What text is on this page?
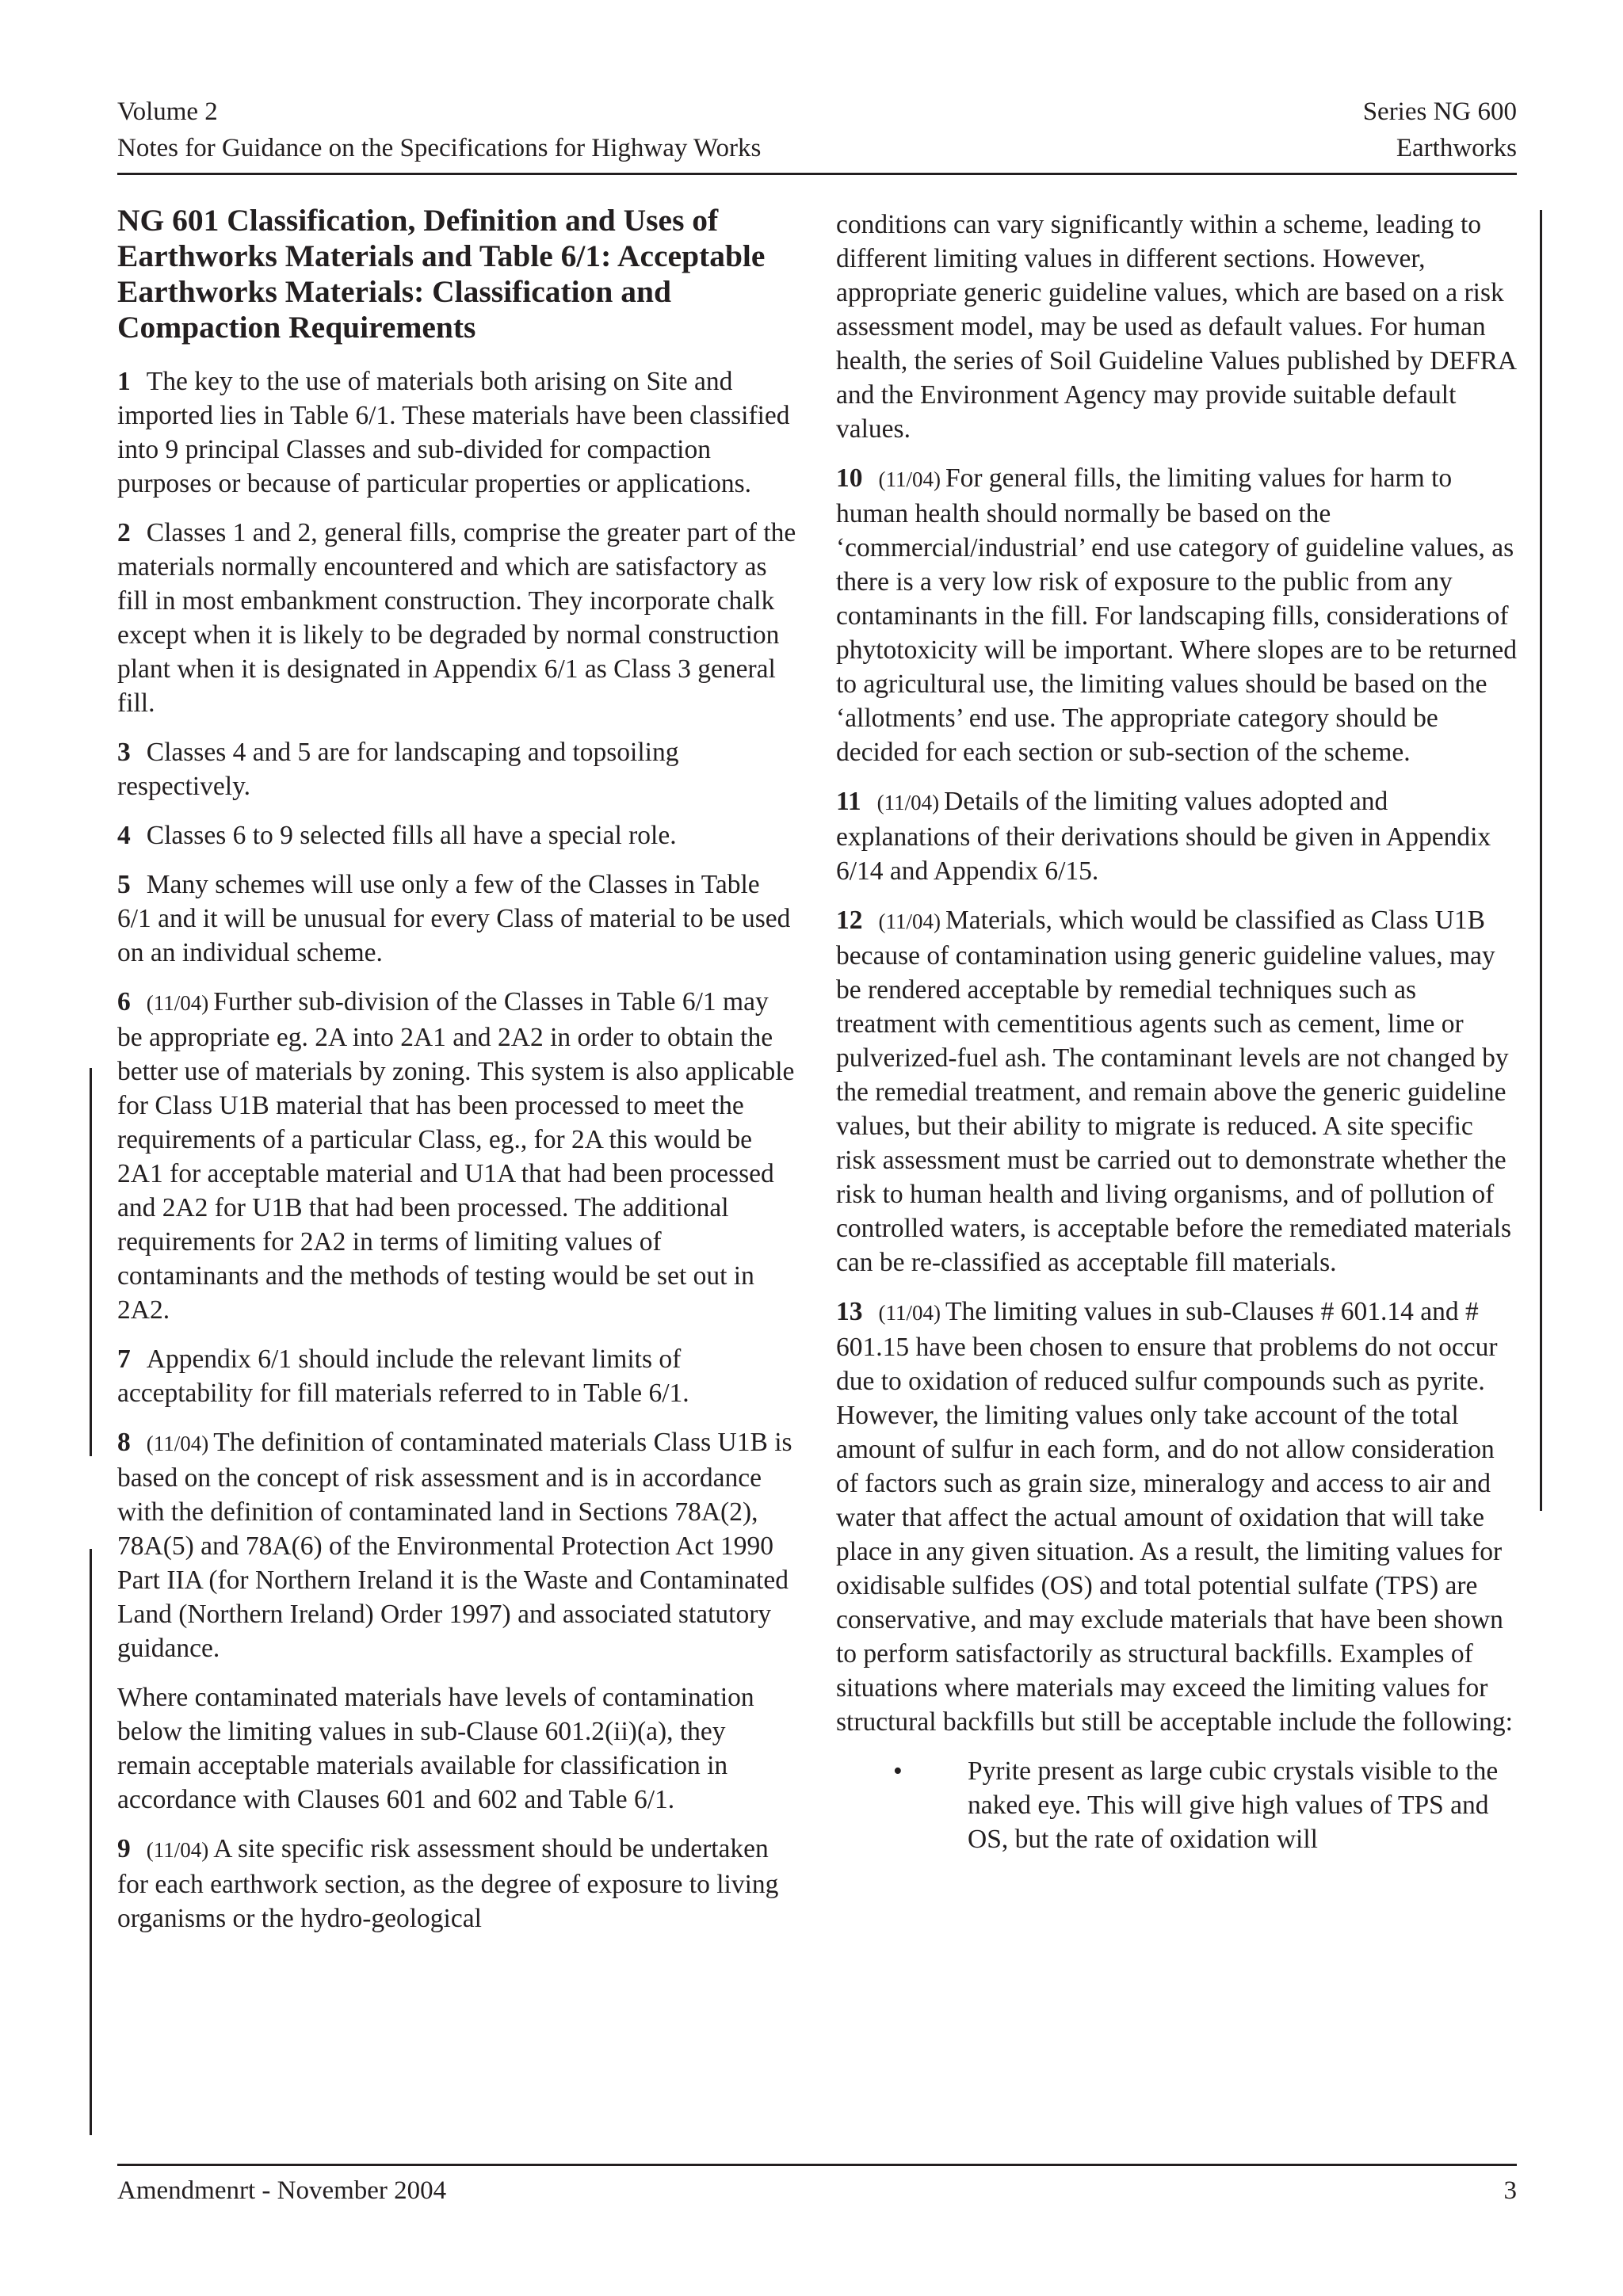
Volume 2
Notes for Guidance on the Specifications for Highway Works
Series NG 600
Earthworks
NG 601 Classification, Definition and Uses of Earthworks Materials and Table 6/1: Acceptable Earthworks Materials: Classification and Compaction Requirements

1 The key to the use of materials both arising on Site and imported lies in Table 6/1. These materials have been classified into 9 principal Classes and sub-divided for compaction purposes or because of particular properties or applications.

2 Classes 1 and 2, general fills, comprise the greater part of the materials normally encountered and which are satisfactory as fill in most embankment construction. They incorporate chalk except when it is likely to be degraded by normal construction plant when it is designated in Appendix 6/1 as Class 3 general fill.

3 Classes 4 and 5 are for landscaping and topsoiling respectively.

4 Classes 6 to 9 selected fills all have a special role.

5 Many schemes will use only a few of the Classes in Table 6/1 and it will be unusual for every Class of material to be used on an individual scheme.

6 (11/04) Further sub-division of the Classes in Table 6/1 may be appropriate eg. 2A into 2A1 and 2A2 in order to obtain the better use of materials by zoning. This system is also applicable for Class U1B material that has been processed to meet the requirements of a particular Class, eg., for 2A this would be 2A1 for acceptable material and U1A that had been processed and 2A2 for U1B that had been processed. The additional requirements for 2A2 in terms of limiting values of contaminants and the methods of testing would be set out in 2A2.

7 Appendix 6/1 should include the relevant limits of acceptability for fill materials referred to in Table 6/1.

8 (11/04) The definition of contaminated materials Class U1B is based on the concept of risk assessment and is in accordance with the definition of contaminated land in Sections 78A(2), 78A(5) and 78A(6) of the Environmental Protection Act 1990 Part IIA (for Northern Ireland it is the Waste and Contaminated Land (Northern Ireland) Order 1997) and associated statutory guidance.

Where contaminated materials have levels of contamination below the limiting values in sub-Clause 601.2(ii)(a), they remain acceptable materials available for classification in accordance with Clauses 601 and 602 and Table 6/1.

9 (11/04) A site specific risk assessment should be undertaken for each earthwork section, as the degree of exposure to living organisms or the hydro-geological

conditions can vary significantly within a scheme, leading to different limiting values in different sections. However, appropriate generic guideline values, which are based on a risk assessment model, may be used as default values. For human health, the series of Soil Guideline Values published by DEFRA and the Environment Agency may provide suitable default values.

10 (11/04) For general fills, the limiting values for harm to human health should normally be based on the ‘commercial/industrial’ end use category of guideline values, as there is a very low risk of exposure to the public from any contaminants in the fill. For landscaping fills, considerations of phytotoxicity will be important. Where slopes are to be returned to agricultural use, the limiting values should be based on the ‘allotments’ end use. The appropriate category should be decided for each section or sub-section of the scheme.

11 (11/04) Details of the limiting values adopted and explanations of their derivations should be given in Appendix 6/14 and Appendix 6/15.

12 (11/04) Materials, which would be classified as Class U1B because of contamination using generic guideline values, may be rendered acceptable by remedial techniques such as treatment with cementitious agents such as cement, lime or pulverized-fuel ash. The contaminant levels are not changed by the remedial treatment, and remain above the generic guideline values, but their ability to migrate is reduced. A site specific risk assessment must be carried out to demonstrate whether the risk to human health and living organisms, and of pollution of controlled waters, is acceptable before the remediated materials can be re-classified as acceptable fill materials.

13 (11/04) The limiting values in sub-Clauses # 601.14 and # 601.15 have been chosen to ensure that problems do not occur due to oxidation of reduced sulfur compounds such as pyrite. However, the limiting values only take account of the total amount of sulfur in each form, and do not allow consideration of factors such as grain size, mineralogy and access to air and water that affect the actual amount of oxidation that will take place in any given situation. As a result, the limiting values for oxidisable sulfides (OS) and total potential sulfate (TPS) are conservative, and may exclude materials that have been shown to perform satisfactorily as structural backfills. Examples of situations where materials may exceed the limiting values for structural backfills but still be acceptable include the following:

• Pyrite present as large cubic crystals visible to the naked eye. This will give high values of TPS and OS, but the rate of oxidation will

Amendmenrt - November 2004	3
